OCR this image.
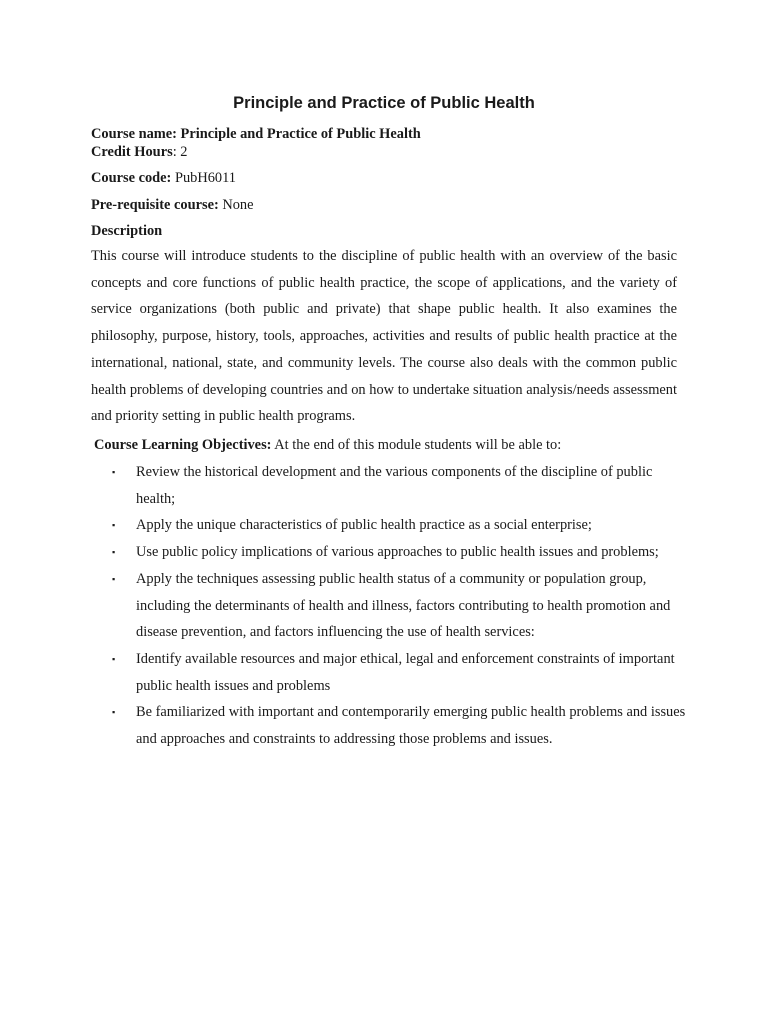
Principle and Practice of Public Health

Course name: Principle and Practice of Public Health

Credit Hours: 2

Course code: PubH6011

Pre-requisite course: None

Description

This course will introduce students to the discipline of public health with an overview of the basic concepts and core functions of public health practice, the scope of applications, and the variety of service organizations (both public and private) that shape public health. It also examines the philosophy, purpose, history, tools, approaches, activities and results of public health practice at the international, national, state, and community levels. The course also deals with the common public health problems of developing countries and on how to undertake situation analysis/needs assessment and priority setting in public health programs.

Course Learning Objectives: At the end of this module students will be able to:

▪ Review the historical development and the various components of the discipline of public health;
▪ Apply the unique characteristics of public health practice as a social enterprise;
▪ Use public policy implications of various approaches to public health issues and problems;
▪ Apply the techniques assessing public health status of a community or population group, including the determinants of health and illness, factors contributing to health promotion and disease prevention, and factors influencing the use of health services:
▪ Identify available resources and major ethical, legal and enforcement constraints of important public health issues and problems
▪ Be familiarized with important and contemporarily emerging public health problems and issues and approaches and constraints to addressing those problems and issues.
